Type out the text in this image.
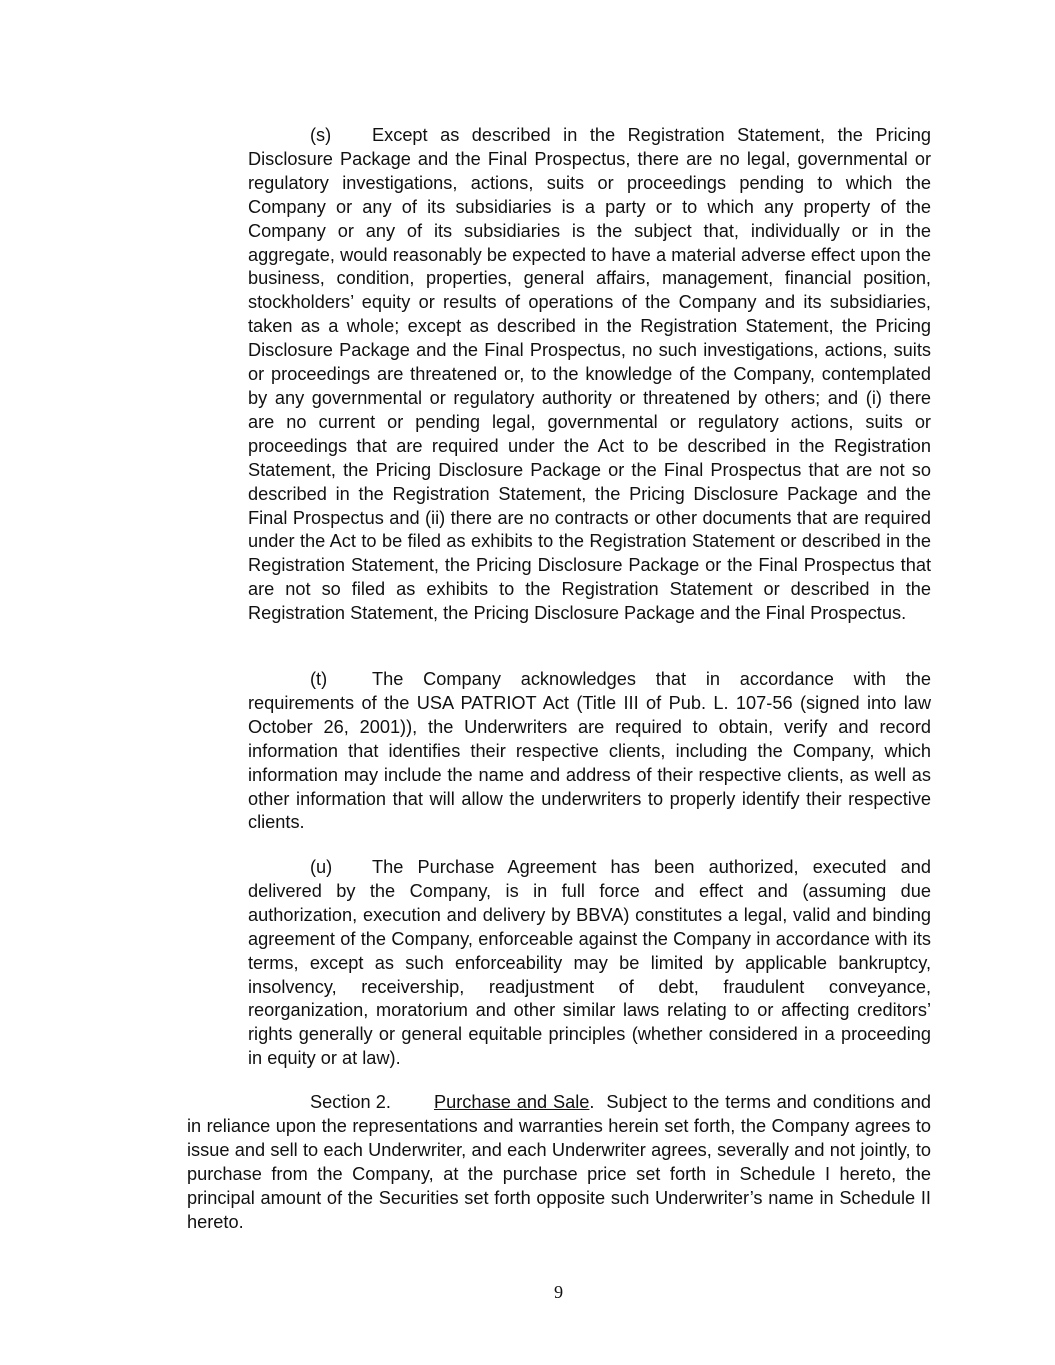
(s) Except as described in the Registration Statement, the Pricing Disclosure Package and the Final Prospectus, there are no legal, governmental or regulatory investigations, actions, suits or proceedings pending to which the Company or any of its subsidiaries is a party or to which any property of the Company or any of its subsidiaries is the subject that, individually or in the aggregate, would reasonably be expected to have a material adverse effect upon the business, condition, properties, general affairs, management, financial position, stockholders’ equity or results of operations of the Company and its subsidiaries, taken as a whole; except as described in the Registration Statement, the Pricing Disclosure Package and the Final Prospectus, no such investigations, actions, suits or proceedings are threatened or, to the knowledge of the Company, contemplated by any governmental or regulatory authority or threatened by others; and (i) there are no current or pending legal, governmental or regulatory actions, suits or proceedings that are required under the Act to be described in the Registration Statement, the Pricing Disclosure Package or the Final Prospectus that are not so described in the Registration Statement, the Pricing Disclosure Package and the Final Prospectus and (ii) there are no contracts or other documents that are required under the Act to be filed as exhibits to the Registration Statement or described in the Registration Statement, the Pricing Disclosure Package or the Final Prospectus that are not so filed as exhibits to the Registration Statement or described in the Registration Statement, the Pricing Disclosure Package and the Final Prospectus.

(t) The Company acknowledges that in accordance with the requirements of the USA PATRIOT Act (Title III of Pub. L. 107-56 (signed into law October 26, 2001)), the Underwriters are required to obtain, verify and record information that identifies their respective clients, including the Company, which information may include the name and address of their respective clients, as well as other information that will allow the underwriters to properly identify their respective clients.

(u) The Purchase Agreement has been authorized, executed and delivered by the Company, is in full force and effect and (assuming due authorization, execution and delivery by BBVA) constitutes a legal, valid and binding agreement of the Company, enforceable against the Company in accordance with its terms, except as such enforceability may be limited by applicable bankruptcy, insolvency, receivership, readjustment of debt, fraudulent conveyance, reorganization, moratorium and other similar laws relating to or affecting creditors’ rights generally or general equitable principles (whether considered in a proceeding in equity or at law).

Section 2. Purchase and Sale. Subject to the terms and conditions and in reliance upon the representations and warranties herein set forth, the Company agrees to issue and sell to each Underwriter, and each Underwriter agrees, severally and not jointly, to purchase from the Company, at the purchase price set forth in Schedule I hereto, the principal amount of the Securities set forth opposite such Underwriter’s name in Schedule II hereto.

9
